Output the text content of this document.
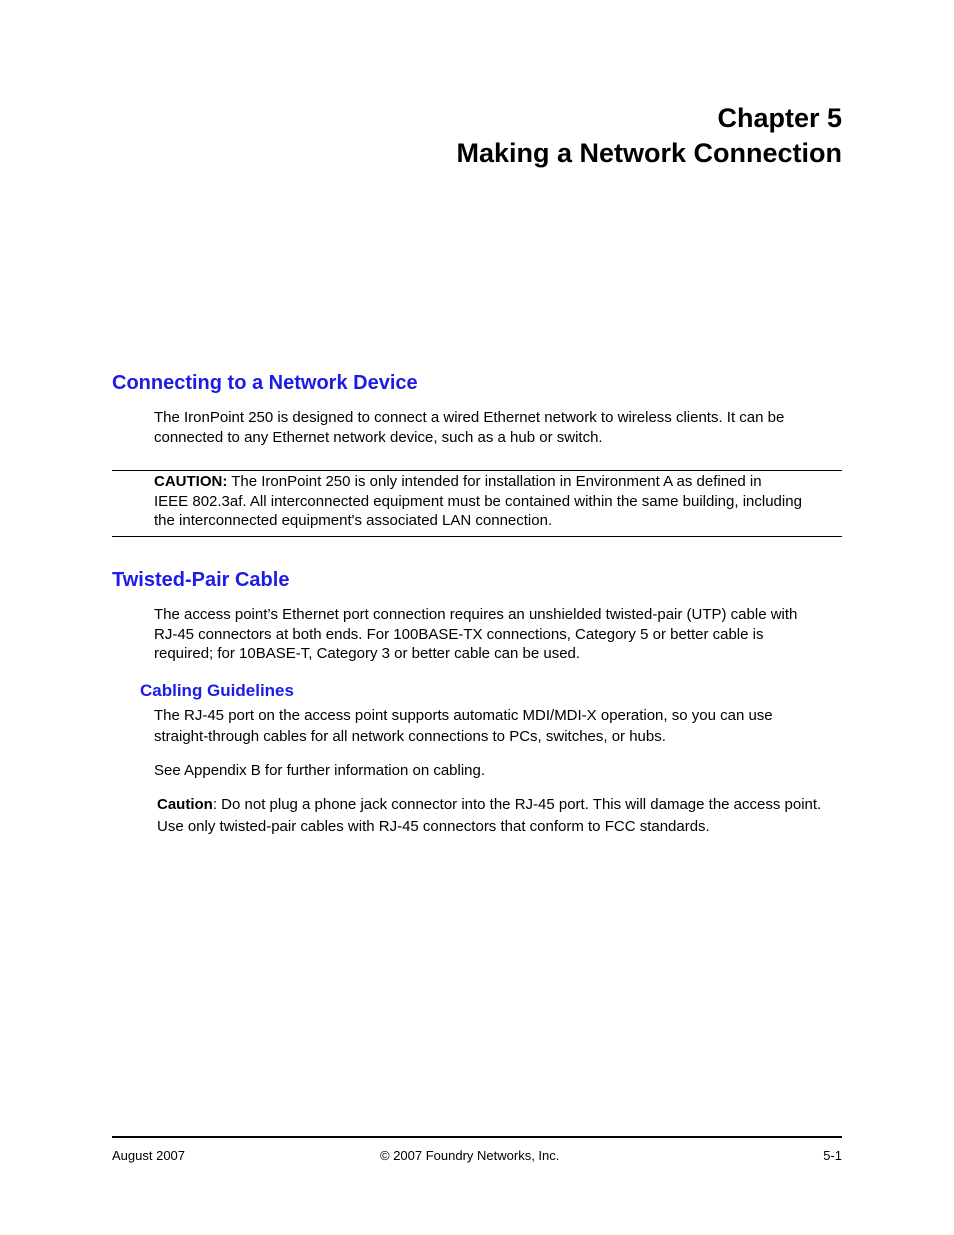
Chapter 5
Making a Network Connection
Connecting to a Network Device
The IronPoint 250 is designed to connect a wired Ethernet network to wireless clients. It can be
connected to any Ethernet network device, such as a hub or switch.
CAUTION: The IronPoint 250 is only intended for installation in Environment A as defined in
IEEE 802.3af. All interconnected equipment must be contained within the same building, including
the interconnected equipment's associated LAN connection.
Twisted-Pair Cable
The access point’s Ethernet port connection requires an unshielded twisted-pair (UTP) cable with
RJ-45 connectors at both ends. For 100BASE-TX connections, Category 5 or better cable is
required; for 10BASE-T, Category 3 or better cable can be used.
Cabling Guidelines
The RJ-45 port on the access point supports automatic MDI/MDI-X operation, so you can use
straight-through cables for all network connections to PCs, switches, or hubs.
See Appendix B for further information on cabling.
Caution: Do not plug a phone jack connector into the RJ-45 port. This will damage the access point.
Use only twisted-pair cables with RJ-45 connectors that conform to FCC standards.
August 2007	© 2007 Foundry Networks, Inc.	5-1
